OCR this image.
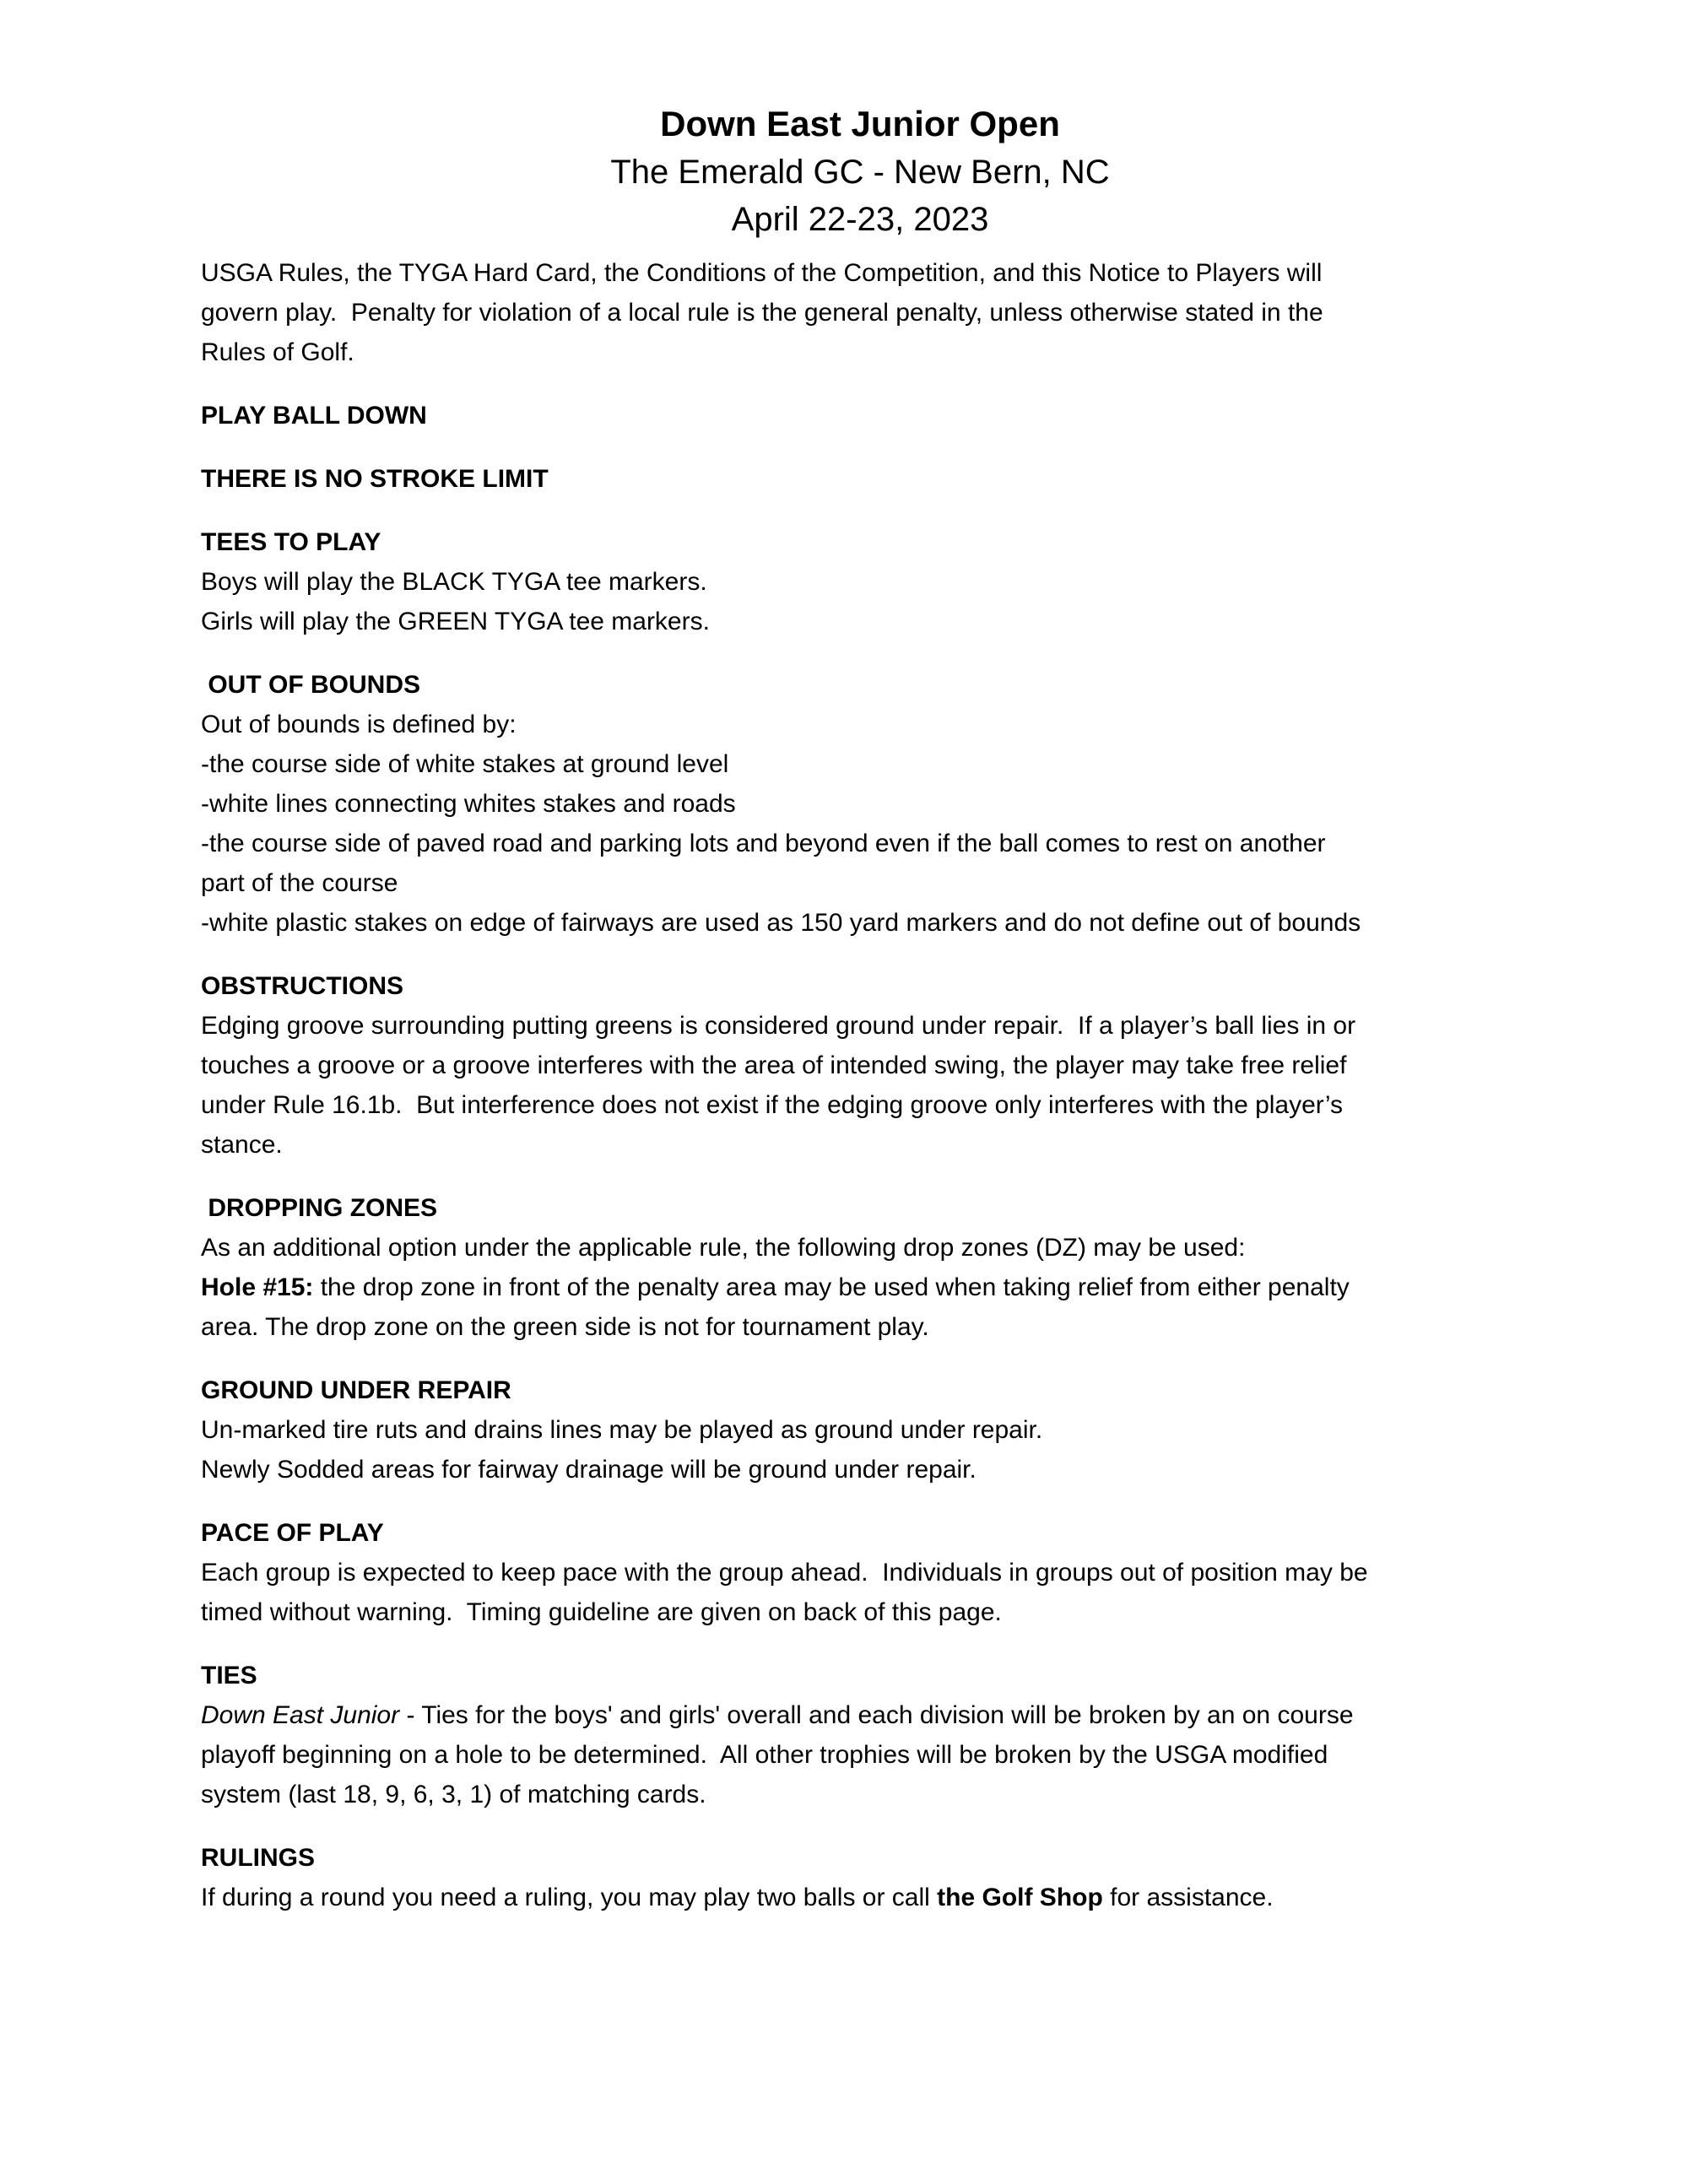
Down East Junior Open
The Emerald GC - New Bern, NC
April 22-23, 2023
USGA Rules, the TYGA Hard Card, the Conditions of the Competition, and this Notice to Players will
govern play.  Penalty for violation of a local rule is the general penalty, unless otherwise stated in the
Rules of Golf.
PLAY BALL DOWN
THERE IS NO STROKE LIMIT
TEES TO PLAY
Boys will play the BLACK TYGA tee markers.
Girls will play the GREEN TYGA tee markers.
OUT OF BOUNDS
Out of bounds is defined by:
-the course side of white stakes at ground level
-white lines connecting whites stakes and roads
-the course side of paved road and parking lots and beyond even if the ball comes to rest on another
part of the course
-white plastic stakes on edge of fairways are used as 150 yard markers and do not define out of bounds
OBSTRUCTIONS
Edging groove surrounding putting greens is considered ground under repair.  If a player’s ball lies in or
touches a groove or a groove interferes with the area of intended swing, the player may take free relief
under Rule 16.1b.  But interference does not exist if the edging groove only interferes with the player’s
stance.
DROPPING ZONES
As an additional option under the applicable rule, the following drop zones (DZ) may be used:
Hole #15: the drop zone in front of the penalty area may be used when taking relief from either penalty
area. The drop zone on the green side is not for tournament play.
GROUND UNDER REPAIR
Un-marked tire ruts and drains lines may be played as ground under repair.
Newly Sodded areas for fairway drainage will be ground under repair.
PACE OF PLAY
Each group is expected to keep pace with the group ahead.  Individuals in groups out of position may be
timed without warning.  Timing guideline are given on back of this page.
TIES
Down East Junior - Ties for the boys' and girls' overall and each division will be broken by an on course
playoff beginning on a hole to be determined.  All other trophies will be broken by the USGA modified
system (last 18, 9, 6, 3, 1) of matching cards.
RULINGS
If during a round you need a ruling, you may play two balls or call the Golf Shop for assistance.
